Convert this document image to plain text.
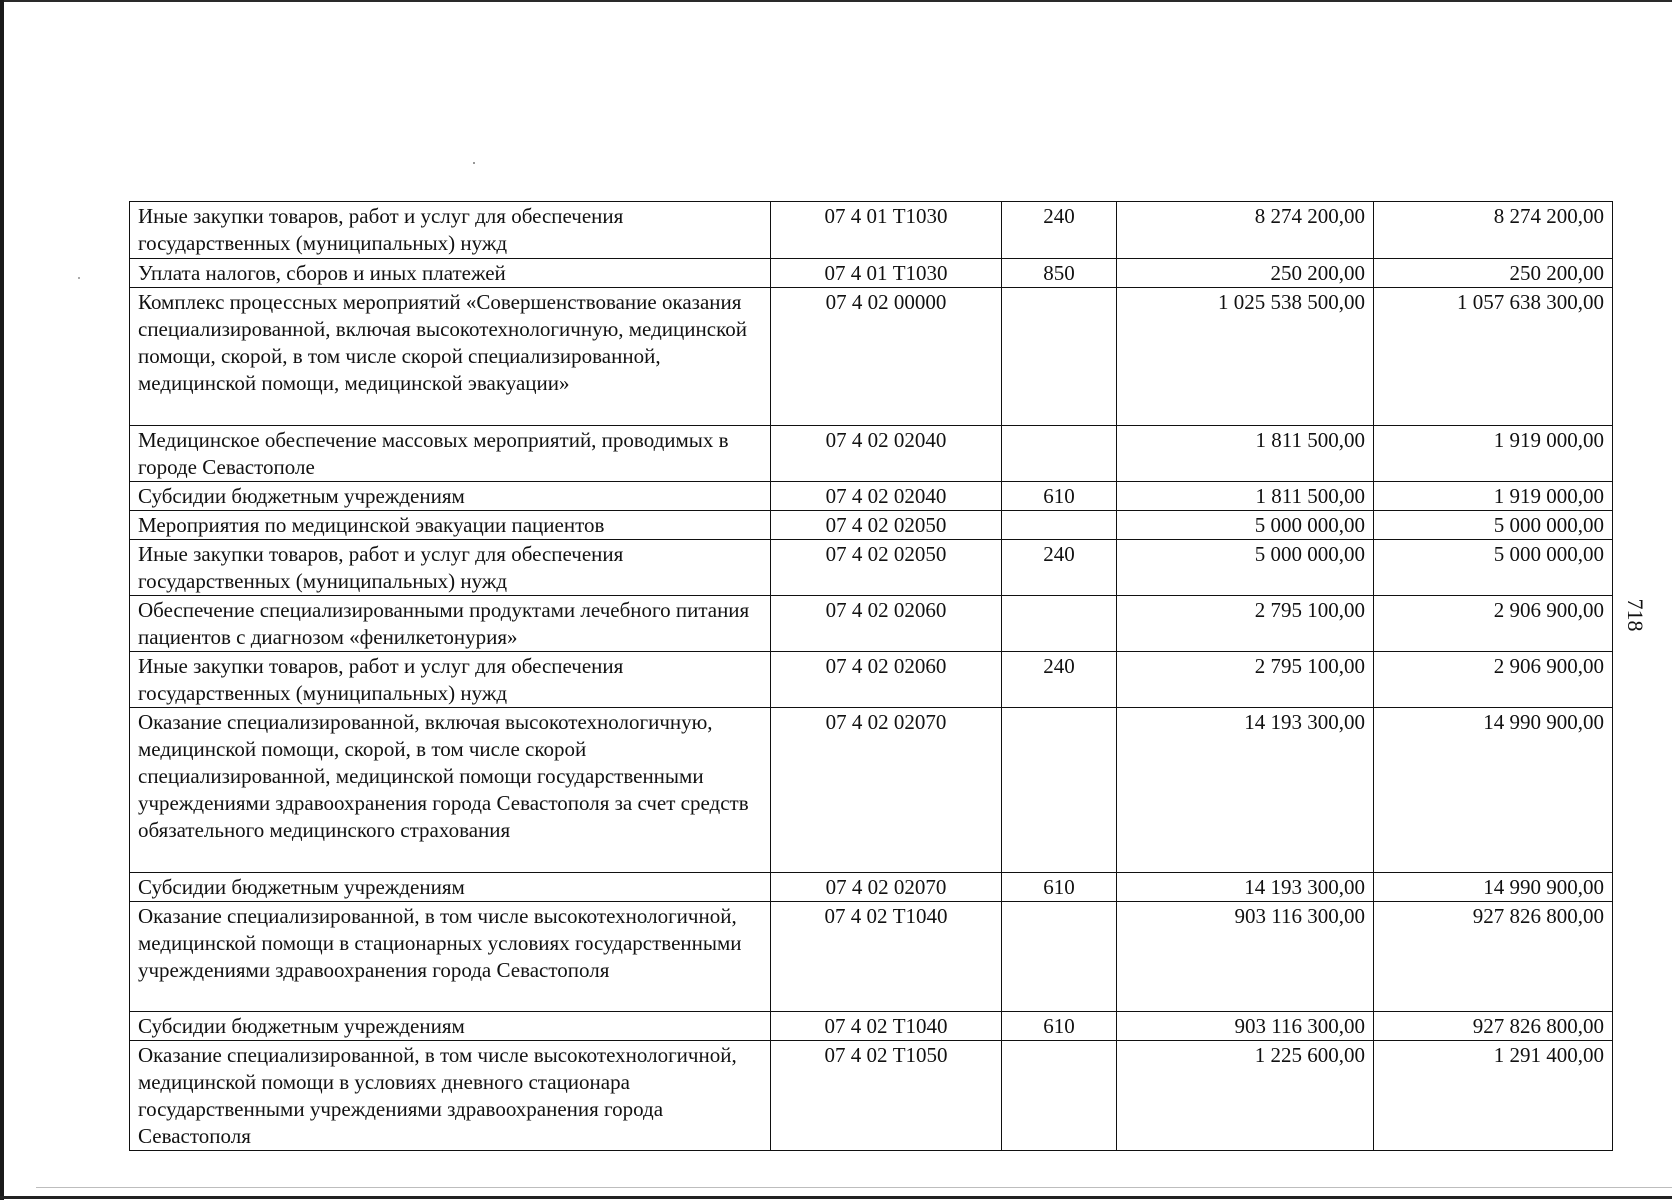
Иные закупки товаров, работ и услуг для обеспечения государственных (муниципальных) нужд	07 4 01 Т1030	240	8 274 200,00	8 274 200,00
Уплата налогов, сборов и иных платежей	07 4 01 Т1030	850	250 200,00	250 200,00
Комплекс процессных мероприятий «Совершенствование оказания специализированной, включая высокотехнологичную, медицинской помощи, скорой, в том числе скорой специализированной, медицинской помощи, медицинской эвакуации»	07 4 02 00000		1 025 538 500,00	1 057 638 300,00
Медицинское обеспечение массовых мероприятий, проводимых в городе Севастополе	07 4 02 02040		1 811 500,00	1 919 000,00
Субсидии бюджетным учреждениям	07 4 02 02040	610	1 811 500,00	1 919 000,00
Мероприятия по медицинской эвакуации пациентов	07 4 02 02050		5 000 000,00	5 000 000,00
Иные закупки товаров, работ и услуг для обеспечения государственных (муниципальных) нужд	07 4 02 02050	240	5 000 000,00	5 000 000,00
Обеспечение специализированными продуктами лечебного питания пациентов с диагнозом «фенилкетонурия»	07 4 02 02060		2 795 100,00	2 906 900,00
Иные закупки товаров, работ и услуг для обеспечения государственных (муниципальных) нужд	07 4 02 02060	240	2 795 100,00	2 906 900,00
Оказание специализированной, включая высокотехнологичную, медицинской помощи, скорой, в том числе скорой специализированной, медицинской помощи государственными учреждениями здравоохранения города Севастополя за счет средств обязательного медицинского страхования	07 4 02 02070		14 193 300,00	14 990 900,00
Субсидии бюджетным учреждениям	07 4 02 02070	610	14 193 300,00	14 990 900,00
Оказание специализированной, в том числе высокотехнологичной, медицинской помощи в стационарных условиях государственными учреждениями здравоохранения города Севастополя	07 4 02 Т1040		903 116 300,00	927 826 800,00
Субсидии бюджетным учреждениям	07 4 02 Т1040	610	903 116 300,00	927 826 800,00
Оказание специализированной, в том числе высокотехнологичной, медицинской помощи в условиях дневного стационара государственными учреждениями здравоохранения города Севастополя	07 4 02 Т1050		1 225 600,00	1 291 400,00
718
